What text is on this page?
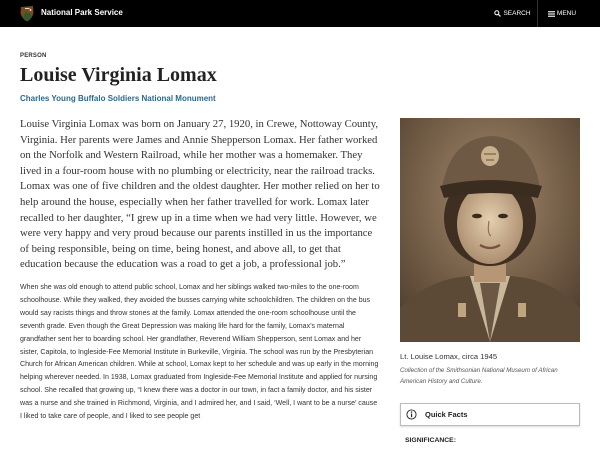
National Park Service	SEARCH	MENU
PERSON
Louise Virginia Lomax
Charles Young Buffalo Soldiers National Monument

Louise Virginia Lomax was born on January 27, 1920, in Crewe, Nottoway County, Virginia. Her parents were James and Annie Shepperson Lomax. Her father worked on the Norfolk and Western Railroad, while her mother was a homemaker. They lived in a four-room house with no plumbing or electricity, near the railroad tracks. Lomax was one of five children and the oldest daughter. Her mother relied on her to help around the house, especially when her father travelled for work. Lomax later recalled to her daughter, “I grew up in a time when we had very little. However, we were very happy and very proud because our parents instilled in us the importance of being responsible, being on time, being honest, and above all, to get that education because the education was a road to get a job, a professional job.”

When she was old enough to attend public school, Lomax and her siblings walked two-miles to the one-room schoolhouse. While they walked, they avoided the busses carrying white schoolchildren. The children on the bus would say racists things and throw stones at the family. Lomax attended the one-room schoolhouse until the seventh grade. Even though the Great Depression was making life hard for the family, Lomax’s maternal grandfather sent her to boarding school. Her grandfather, Reverend William Shepperson, sent Lomax and her sister, Capitola, to Ingleside-Fee Memorial Institute in Burkeville, Virginia. The school was run by the Presbyterian Church for African American children. While at school, Lomax kept to her schedule and was up early in the morning helping wherever needed. In 1938, Lomax graduated from Ingleside-Fee Memorial Institute and applied for nursing school. She recalled that growing up, “I knew there was a doctor in our town, in fact a family doctor, and his sister was a nurse and she trained in Richmond, Virginia, and I admired her, and I said, ‘Well, I want to be a nurse’ cause I liked to take care of people, and I liked to see people get

Lt. Louise Lomax, circa 1945
Collection of the Smithsonian National Museum of African American History and Culture.
Quick Facts
SIGNIFICANCE:
